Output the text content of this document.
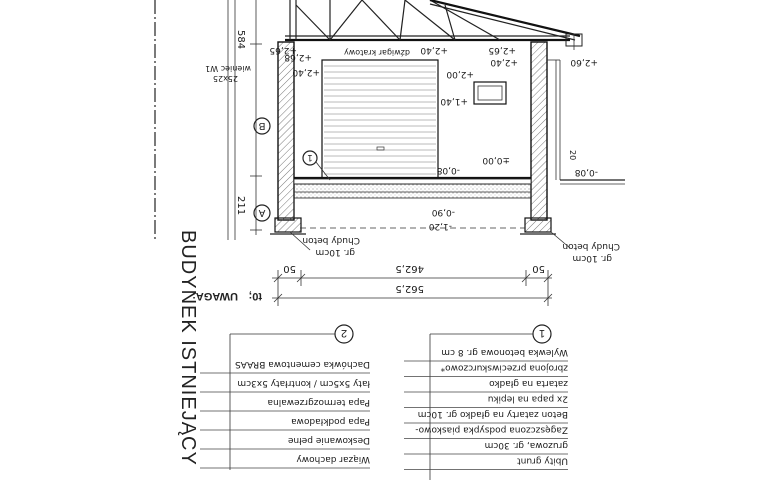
BUDYNEK ISTNIEJĄCY
584
211
wieniec W1
25x25
B
A
dźwigar kratowy
1
+2,65
+2,40
+2,68
+2,40	+2,65
+2,40
+2,00
+1,40
+2,60
±0,00
-0,08	-0,08
-0,90
-1,20
20
Chudy beton
gr. 10cm
Chudy beton
gr. 10cm
50	462,5	50
562,5
UWAGA: t0;
1
Wylewka betonowa gr. 8 cm
zbrojona przeciwskurczowo*
zatarta na gładko
2x papa na lepiku
Beton zatarty na gładko gr. 10cm
Zagęszczona podsypka piaskowo-
gruzowa, gr. 30cm
Ubity grunt
2
Dachówka cementowa BRAAS
łaty 5x5cm / kontrłaty 5x3cm
Papa termozgrzewalna
Papa podkładowa
Deskowanie pełne
Wiązar dachowy
